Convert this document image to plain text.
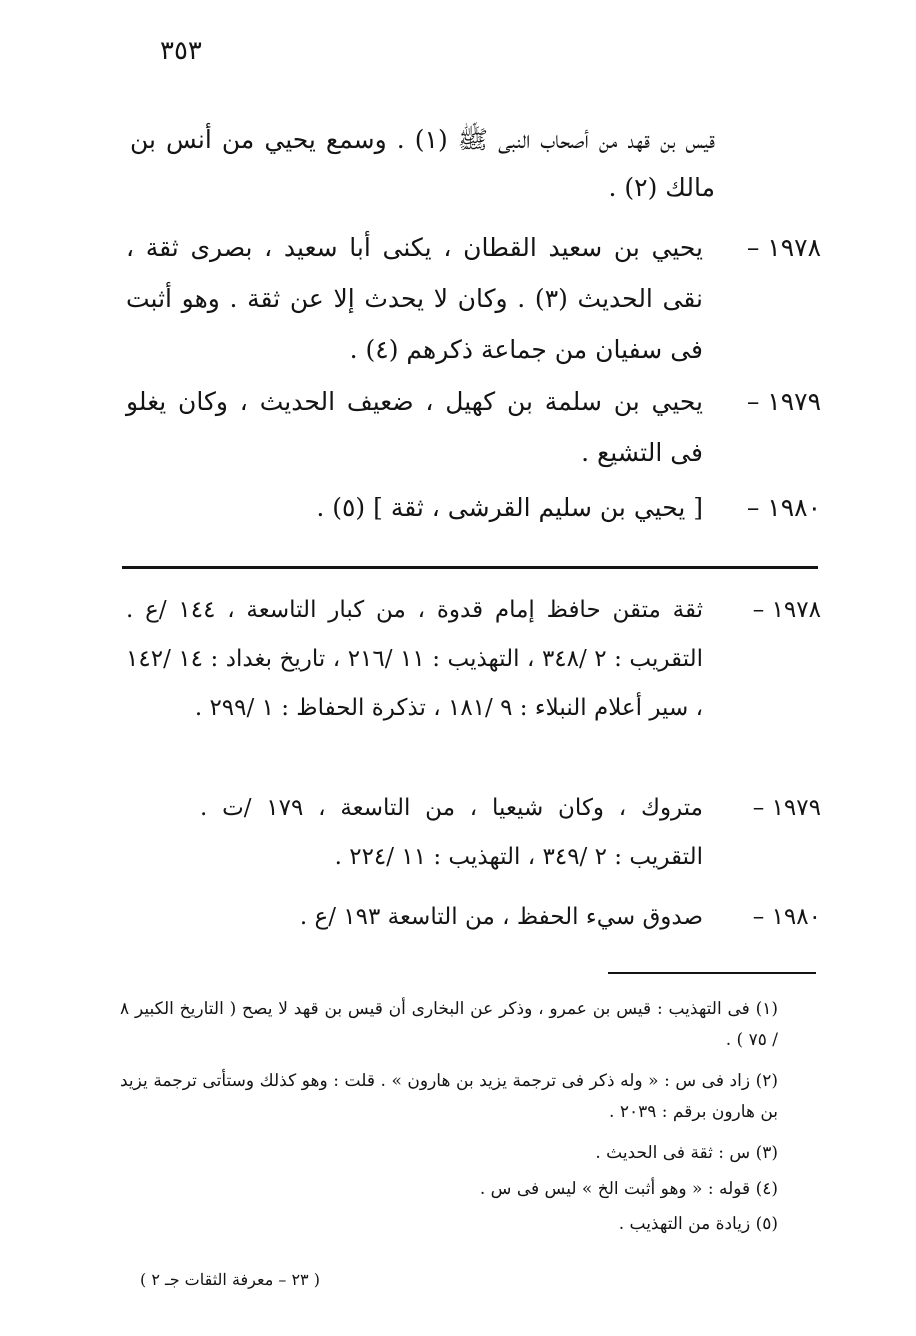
٣٥٣
قيس بن قهد من أصحاب النبى ﷺ (١) . وسمع يحيي من أنس بن مالك (٢) .
١٩٧٨ –
يحيي بن سعيد القطان ، يكنى أبا سعيد ، بصرى ثقة ، نقى الحديث (٣) . وكان لا يحدث إلا عن ثقة . وهو أثبت فى سفيان من جماعة ذكرهم (٤) .
١٩٧٩ –
يحيي بن سلمة بن كهيل ، ضعيف الحديث ، وكان يغلو فى التشيع .
١٩٨٠ –
[ يحيي بن سليم القرشى ، ثقة ] (٥) .
١٩٧٨ –
ثقة متقن حافظ إمام قدوة ، من كبار التاسعة ، ١٤٤ /ع . التقريب : ٢ /٣٤٨ ، التهذيب : ١١ /٢١٦ ، تاريخ بغداد : ١٤ /١٤٢ ، سير أعلام النبلاء : ٩ /١٨١ ، تذكرة الحفاظ : ١ /٢٩٩ .
١٩٧٩ –
متروك ، وكان شيعيا ، من التاسعة ، ١٧٩ /ت . التقريب : ٢ /٣٤٩ ، التهذيب : ١١ /٢٢٤ .
١٩٨٠ –
صدوق سيء الحفظ ، من التاسعة ١٩٣ /ع .
(١) فى التهذيب : قيس بن عمرو ، وذكر عن البخارى أن قيس بن قهد لا يصح ( التاريخ الكبير ٨ / ٧٥ ) .
(٢) زاد فى س : « وله ذكر فى ترجمة يزيد بن هارون » . قلت : وهو كذلك وستأتى ترجمة يزيد بن هارون برقم : ٢٠٣٩ .
(٣) س : ثقة فى الحديث .
(٤) قوله : « وهو أثبت الخ » ليس فى س .
(٥) زيادة من التهذيب .
( ٢٣ – معرفة الثقات جـ ٢ )
